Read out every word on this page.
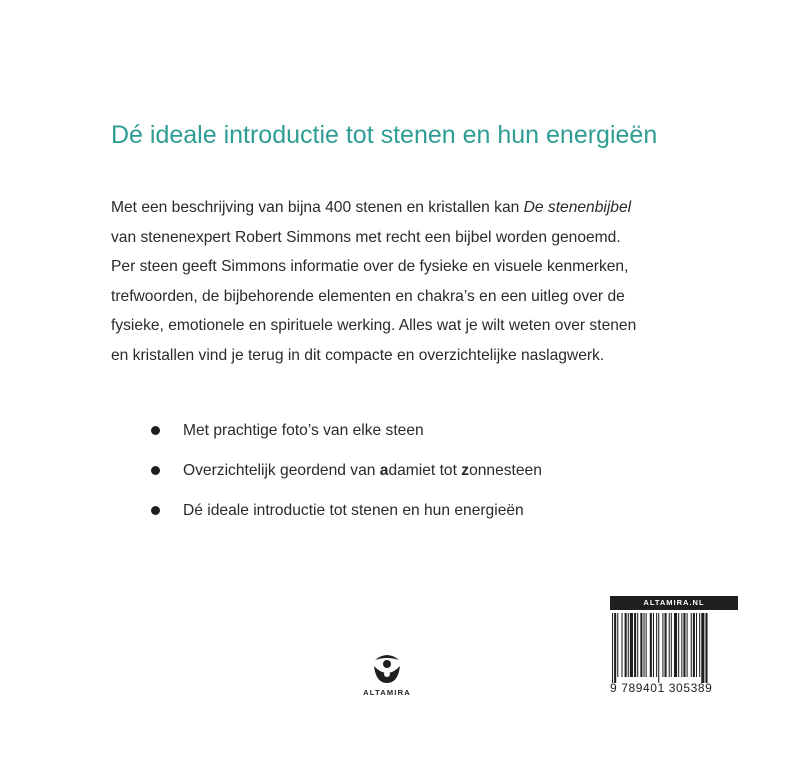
Dé ideale introductie tot stenen en hun energieën
Met een beschrijving van bijna 400 stenen en kristallen kan De stenenbijbel
van stenenexpert Robert Simmons met recht een bijbel worden genoemd.
Per steen geeft Simmons informatie over de fysieke en visuele kenmerken,
trefwoorden, de bijbehorende elementen en chakra’s en een uitleg over de
fysieke, emotionele en spirituele werking. Alles wat je wilt weten over stenen
en kristallen vind je terug in dit compacte en overzichtelijke naslagwerk.
Met prachtige foto’s van elke steen
Overzichtelijk geordend van adamiet tot zonnesteen
Dé ideale introductie tot stenen en hun energieën
ALTAMIRA
ALTAMIRA.NL
9 789401 305389
